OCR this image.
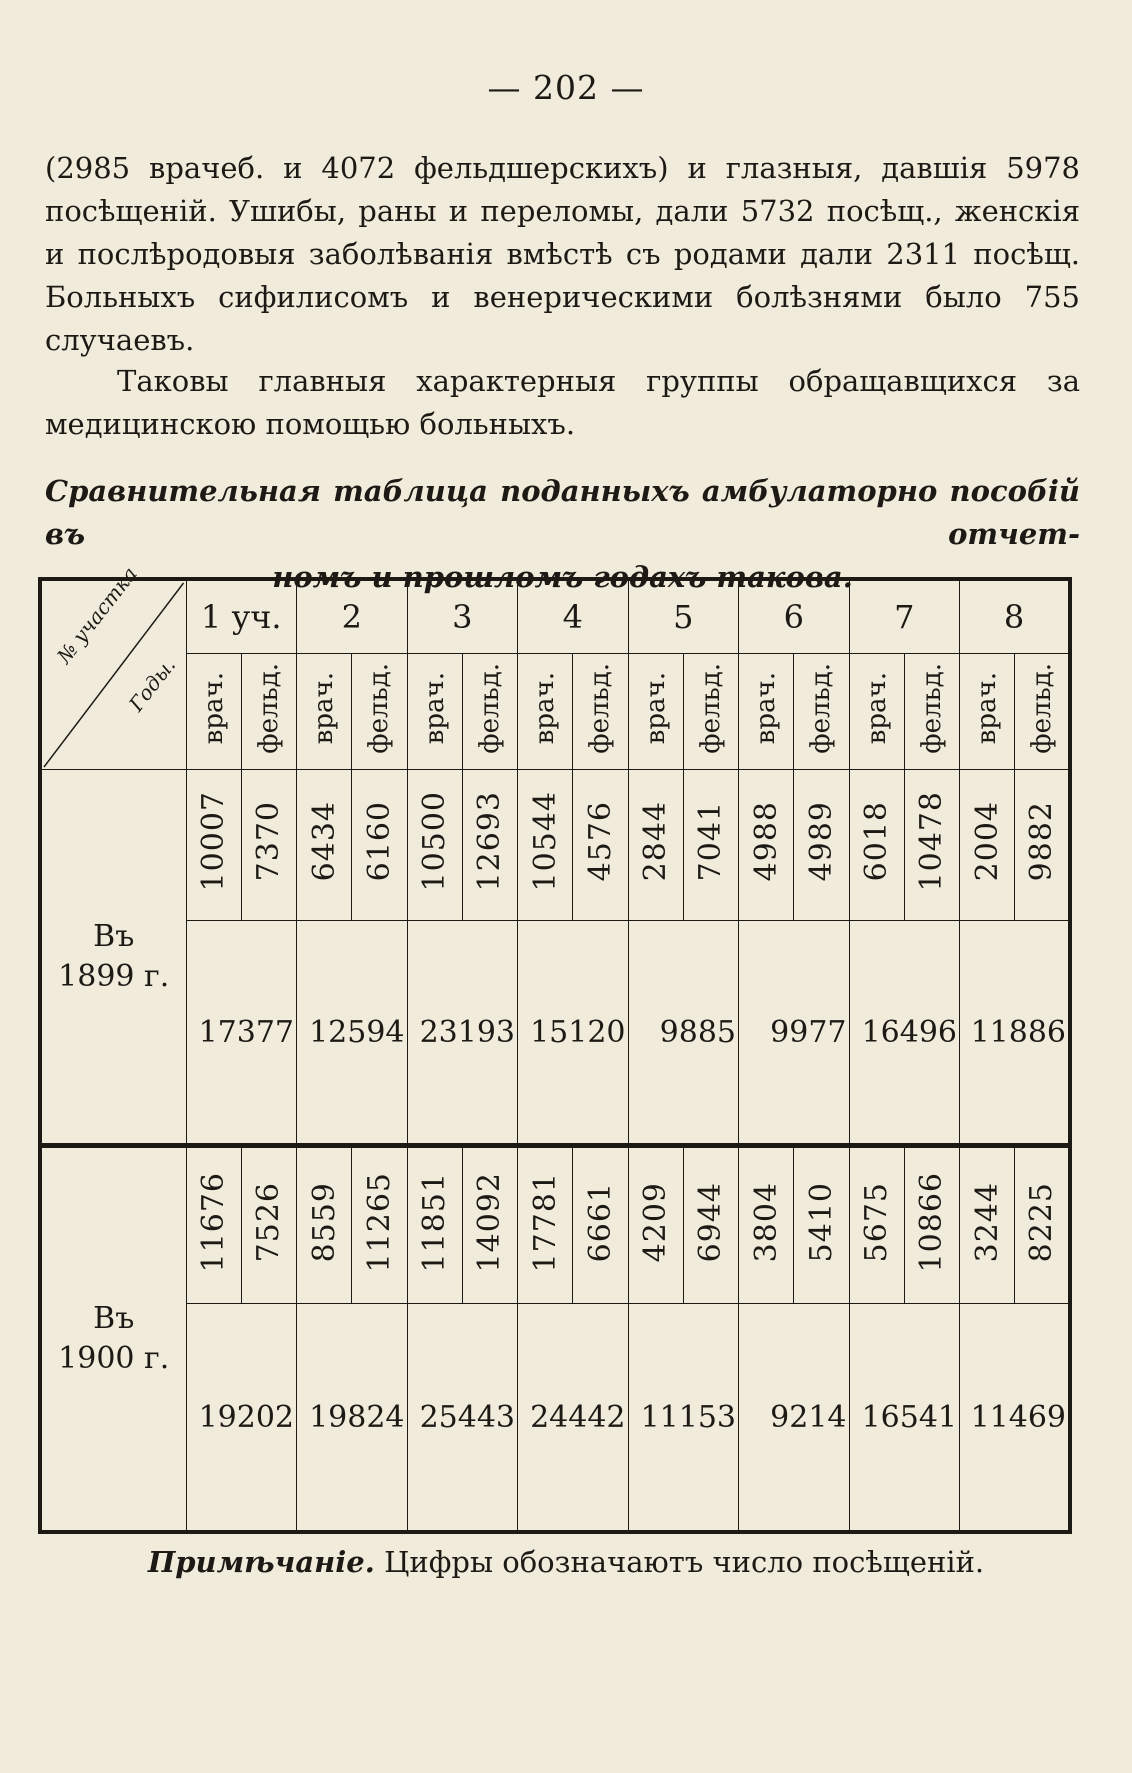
— 202 —

(2985 врачеб. и 4072 фельдшерскихъ) и глазныя, давшія 5978 посѣщеній. Ушибы, раны и переломы, дали 5732 посѣщ., женскія и послѣродовыя заболѣванія вмѣстѣ съ родами дали 2311 посѣщ. Больныхъ сифилисомъ и венерическими болѣзнями было 755 случаевъ.

Таковы главныя характерныя группы обращавщихся за медицинскою помощью больныхъ.

Сравнительная таблица поданныхъ амбулаторно пособій въ отчет-
номъ и прошломъ годахъ такова.
№ участка
Годы.	1 уч.		2		3		4		5		6		7		8	
	врач.	фельд.	врач.	фельд.	врач.	фельд.	врач.	фельд.	врач.	фельд.	врач.	фельд.	врач.	фельд.	врач.	фельд.

Въ
1899 г.	10007	7370	6434	6160	10500	12693	10544	4576	2844	7041	4988	4989	6018	10478	2004	9882
	17377		12594		23193		15120		9885		9977		16496		11886	

Въ
1900 г.	11676	7526	8559	11265	11851	14092	17781	6661	4209	6944	3804	5410	5675	10866	3244	8225
	19202		19824		25443		24442		11153		9214		16541		11469	
Примѣчаніе. Цифры обозначаютъ число посѣщеній.
